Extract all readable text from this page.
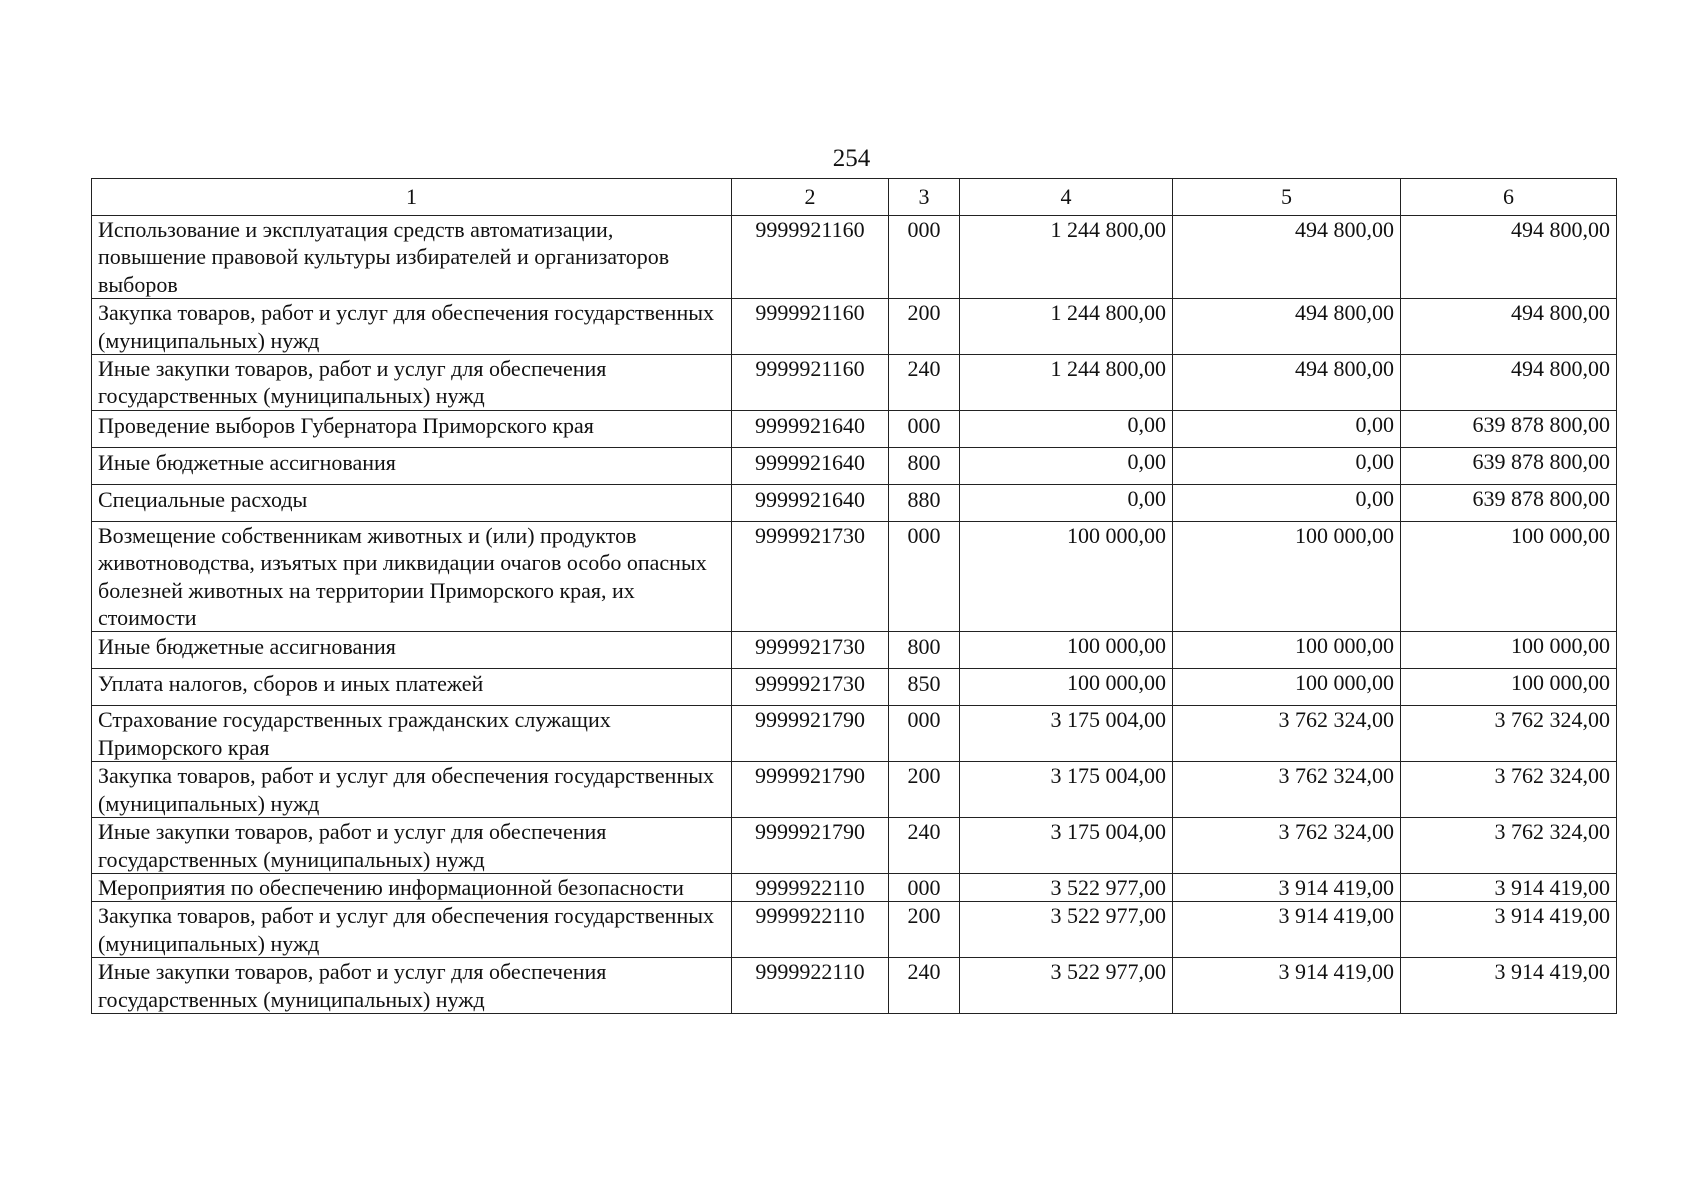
254
1	2	3	4	5	6
Использование и эксплуатация средств автоматизации, повышение правовой культуры избирателей и организаторов выборов	9999921160	000	1 244 800,00	494 800,00	494 800,00
Закупка товаров, работ и услуг для обеспечения государственных (муниципальных) нужд	9999921160	200	1 244 800,00	494 800,00	494 800,00
Иные закупки товаров, работ и услуг для обеспечения государственных (муниципальных) нужд	9999921160	240	1 244 800,00	494 800,00	494 800,00
Проведение выборов Губернатора Приморского края	9999921640	000	0,00	0,00	639 878 800,00
Иные бюджетные ассигнования	9999921640	800	0,00	0,00	639 878 800,00
Специальные расходы	9999921640	880	0,00	0,00	639 878 800,00
Возмещение собственникам животных и (или) продуктов животноводства, изъятых при ликвидации очагов особо опасных болезней животных на территории Приморского края, их стоимости	9999921730	000	100 000,00	100 000,00	100 000,00
Иные бюджетные ассигнования	9999921730	800	100 000,00	100 000,00	100 000,00
Уплата налогов, сборов и иных платежей	9999921730	850	100 000,00	100 000,00	100 000,00
Страхование государственных гражданских служащих Приморского края	9999921790	000	3 175 004,00	3 762 324,00	3 762 324,00
Закупка товаров, работ и услуг для обеспечения государственных (муниципальных) нужд	9999921790	200	3 175 004,00	3 762 324,00	3 762 324,00
Иные закупки товаров, работ и услуг для обеспечения государственных (муниципальных) нужд	9999921790	240	3 175 004,00	3 762 324,00	3 762 324,00
Мероприятия по обеспечению информационной безопасности	9999922110	000	3 522 977,00	3 914 419,00	3 914 419,00
Закупка товаров, работ и услуг для обеспечения государственных (муниципальных) нужд	9999922110	200	3 522 977,00	3 914 419,00	3 914 419,00
Иные закупки товаров, работ и услуг для обеспечения государственных (муниципальных) нужд	9999922110	240	3 522 977,00	3 914 419,00	3 914 419,00
